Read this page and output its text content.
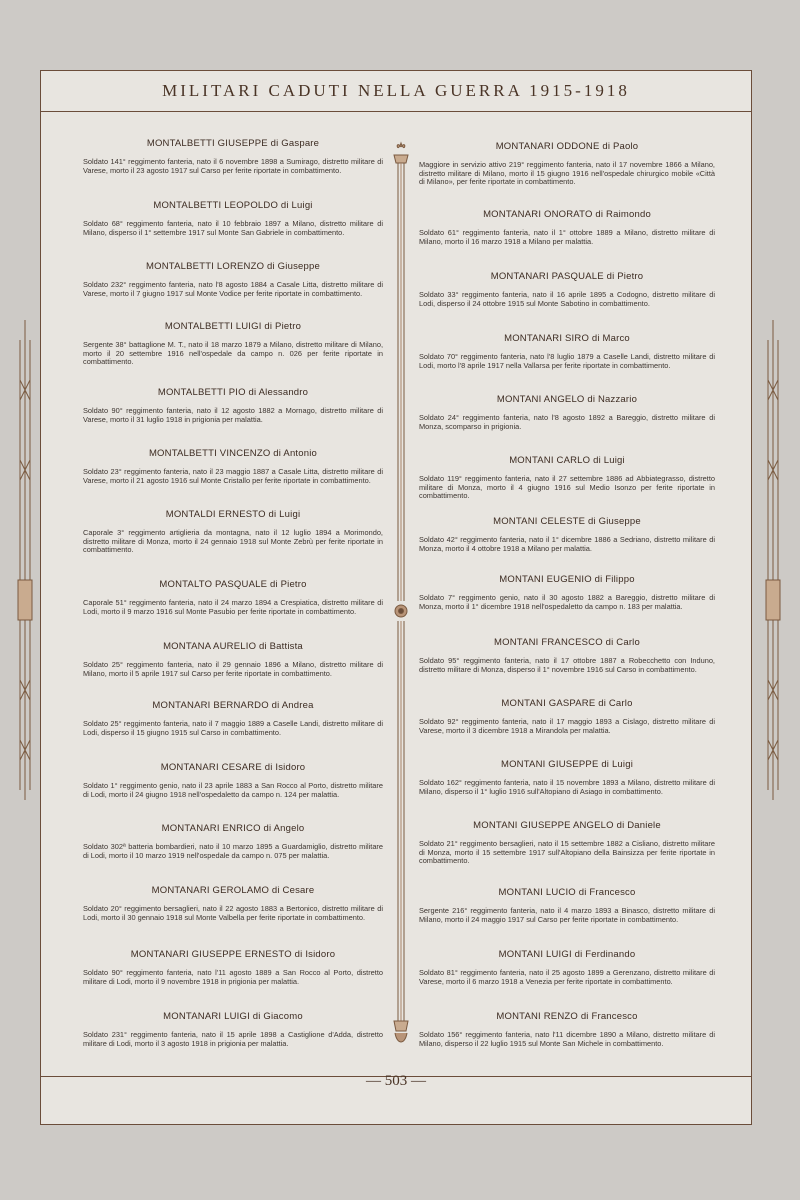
MILITARI CADUTI NELLA GUERRA 1915-1918
MONTALBETTI GIUSEPPE di Gaspare
Soldato 141° reggimento fanteria, nato il 6 novembre 1898 a Sumirago, distretto militare di Varese, morto il 23 agosto 1917 sul Carso per ferite riportate in combattimento.
MONTALBETTI LEOPOLDO di Luigi
Soldato 68° reggimento fanteria, nato il 10 febbraio 1897 a Milano, distretto militare di Milano, disperso il 1° settembre 1917 sul Monte San Gabriele in combattimento.
MONTALBETTI LORENZO di Giuseppe
Soldato 232° reggimento fanteria, nato l'8 agosto 1884 a Casale Litta, distretto militare di Varese, morto il 7 giugno 1917 sul Monte Vodice per ferite riportate in combattimento.
MONTALBETTI LUIGI di Pietro
Sergente 38° battaglione M. T., nato il 18 marzo 1879 a Milano, distretto militare di Milano, morto il 20 settembre 1916 nell'ospedale da campo n. 026 per ferite riportate in combattimento.
MONTALBETTI PIO di Alessandro
Soldato 90° reggimento fanteria, nato il 12 agosto 1882 a Mornago, distretto militare di Varese, morto il 31 luglio 1918 in prigionia per malattia.
MONTALBETTI VINCENZO di Antonio
Soldato 23° reggimento fanteria, nato il 23 maggio 1887 a Casale Litta, distretto militare di Varese, morto il 21 agosto 1916 sul Monte Cristallo per ferite riportate in combattimento.
MONTALDI ERNESTO di Luigi
Caporale 3° reggimento artiglieria da montagna, nato il 12 luglio 1894 a Morimondo, distretto militare di Monza, morto il 24 gennaio 1918 sul Monte Zebrù per ferite riportate in combattimento.
MONTALTO PASQUALE di Pietro
Caporale 51° reggimento fanteria, nato il 24 marzo 1894 a Crespiatica, distretto militare di Lodi, morto il 9 marzo 1916 sul Monte Pasubio per ferite riportate in combattimento.
MONTANA AURELIO di Battista
Soldato 25° reggimento fanteria, nato il 29 gennaio 1896 a Milano, distretto militare di Milano, morto il 5 aprile 1917 sul Carso per ferite riportate in combattimento.
MONTANARI BERNARDO di Andrea
Soldato 25° reggimento fanteria, nato il 7 maggio 1889 a Caselle Landi, distretto militare di Lodi, disperso il 15 giugno 1915 sul Carso in combattimento.
MONTANARI CESARE di Isidoro
Soldato 1° reggimento genio, nato il 23 aprile 1883 a San Rocco al Porto, distretto militare di Lodi, morto il 24 giugno 1918 nell'ospedaletto da campo n. 124 per malattia.
MONTANARI ENRICO di Angelo
Soldato 302ª batteria bombardieri, nato il 10 marzo 1895 a Guardamiglio, distretto militare di Lodi, morto il 10 marzo 1919 nell'ospedale da campo n. 075 per malattia.
MONTANARI GEROLAMO di Cesare
Soldato 20° reggimento bersaglieri, nato il 22 agosto 1883 a Bertonico, distretto militare di Lodi, morto il 30 gennaio 1918 sul Monte Valbella per ferite riportate in combattimento.
MONTANARI GIUSEPPE ERNESTO di Isidoro
Soldato 90° reggimento fanteria, nato l'11 agosto 1889 a San Rocco al Porto, distretto militare di Lodi, morto il 9 novembre 1918 in prigionia per malattia.
MONTANARI LUIGI di Giacomo
Soldato 231° reggimento fanteria, nato il 15 aprile 1898 a Castiglione d'Adda, distretto militare di Lodi, morto il 3 agosto 1918 in prigionia per malattia.
MONTANARI ODDONE di Paolo
Maggiore in servizio attivo 219° reggimento fanteria, nato il 17 novembre 1866 a Milano, distretto militare di Milano, morto il 15 giugno 1916 nell'ospedale chirurgico mobile «Città di Milano», per ferite riportate in combattimento.
MONTANARI ONORATO di Raimondo
Soldato 61° reggimento fanteria, nato il 1° ottobre 1889 a Milano, distretto militare di Milano, morto il 16 marzo 1918 a Milano per malattia.
MONTANARI PASQUALE di Pietro
Soldato 33° reggimento fanteria, nato il 16 aprile 1895 a Codogno, distretto militare di Lodi, disperso il 24 ottobre 1915 sul Monte Sabotino in combattimento.
MONTANARI SIRO di Marco
Soldato 70° reggimento fanteria, nato l'8 luglio 1879 a Caselle Landi, distretto militare di Lodi, morto l'8 aprile 1917 nella Vallarsa per ferite riportate in combattimento.
MONTANI ANGELO di Nazzario
Soldato 24° reggimento fanteria, nato l'8 agosto 1892 a Bareggio, distretto militare di Monza, scomparso in prigionia.
MONTANI CARLO di Luigi
Soldato 119° reggimento fanteria, nato il 27 settembre 1886 ad Abbiategrasso, distretto militare di Monza, morto il 4 giugno 1916 sul Medio Isonzo per ferite riportate in combattimento.
MONTANI CELESTE di Giuseppe
Soldato 42° reggimento fanteria, nato il 1° dicembre 1886 a Sedriano, distretto militare di Monza, morto il 4 ottobre 1918 a Milano per malattia.
MONTANI EUGENIO di Filippo
Soldato 7° reggimento genio, nato il 30 agosto 1882 a Bareggio, distretto militare di Monza, morto il 1° dicembre 1918 nell'ospedaletto da campo n. 183 per malattia.
MONTANI FRANCESCO di Carlo
Soldato 95° reggimento fanteria, nato il 17 ottobre 1887 a Robecchetto con Induno, distretto militare di Monza, disperso il 1° novembre 1916 sul Carso in combattimento.
MONTANI GASPARE di Carlo
Soldato 92° reggimento fanteria, nato il 17 maggio 1893 a Cislago, distretto militare di Varese, morto il 3 dicembre 1918 a Mirandola per malattia.
MONTANI GIUSEPPE di Luigi
Soldato 162° reggimento fanteria, nato il 15 novembre 1893 a Milano, distretto militare di Milano, disperso il 1° luglio 1916 sull'Altopiano di Asiago in combattimento.
MONTANI GIUSEPPE ANGELO di Daniele
Soldato 21° reggimento bersaglieri, nato il 15 settembre 1882 a Cisliano, distretto militare di Monza, morto il 15 settembre 1917 sull'Altopiano della Bainsizza per ferite riportate in combattimento.
MONTANI LUCIO di Francesco
Sergente 216° reggimento fanteria, nato il 4 marzo 1893 a Binasco, distretto militare di Milano, morto il 24 maggio 1917 sul Carso per ferite riportate in combattimento.
MONTANI LUIGI di Ferdinando
Soldato 81° reggimento fanteria, nato il 25 agosto 1899 a Gerenzano, distretto militare di Varese, morto il 6 marzo 1918 a Venezia per ferite riportate in combattimento.
MONTANI RENZO di Francesco
Soldato 156° reggimento fanteria, nato l'11 dicembre 1890 a Milano, distretto militare di Milano, disperso il 22 luglio 1915 sul Monte San Michele in combattimento.
— 503 —
